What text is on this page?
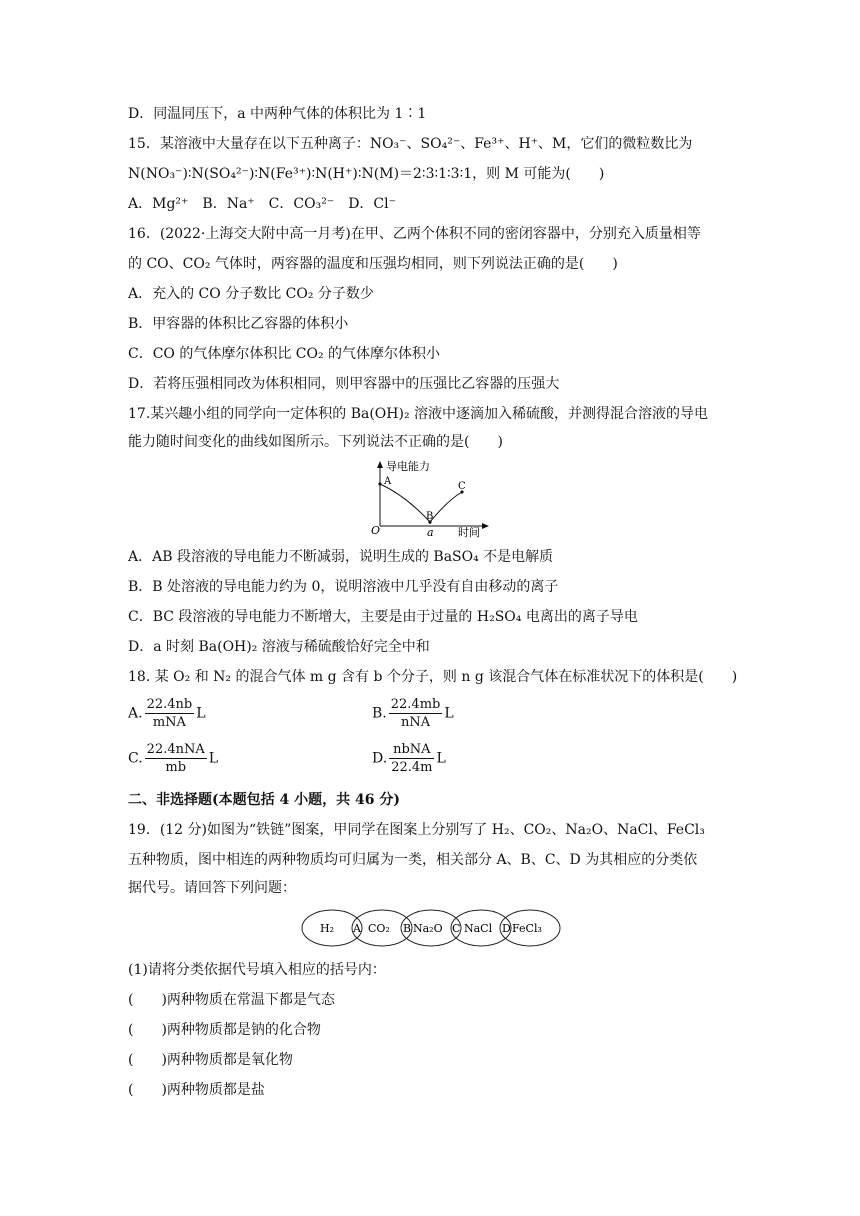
D．同温同压下，a 中两种气体的体积比为 1∶1
15．某溶液中大量存在以下五种离子：NO₃⁻、SO₄²⁻、Fe³⁺、H⁺、M，它们的微粒数比为
N(NO₃⁻)∶N(SO₄²⁻)∶N(Fe³⁺)∶N(H⁺)∶N(M)＝2∶3∶1∶3∶1，则 M 可能为(　　)
A．Mg²⁺　B．Na⁺　C．CO₃²⁻　D．Cl⁻
16．(2022·上海交大附中高一月考)在甲、乙两个体积不同的密闭容器中，分别充入质量相等
的 CO、CO₂ 气体时，两容器的温度和压强均相同，则下列说法正确的是(　　)
A．充入的 CO 分子数比 CO₂ 分子数少
B．甲容器的体积比乙容器的体积小
C．CO 的气体摩尔体积比 CO₂ 的气体摩尔体积小
D．若将压强相同改为体积相同，则甲容器中的压强比乙容器的压强大
17.某兴趣小组的同学向一定体积的 Ba(OH)₂ 溶液中逐滴加入稀硫酸，并测得混合溶液的导电
能力随时间变化的曲线如图所示。下列说法不正确的是(　　)
导电能力
时间
O	a
A
B
C
A．AB 段溶液的导电能力不断减弱，说明生成的 BaSO₄ 不是电解质
B．B 处溶液的导电能力约为 0，说明溶液中几乎没有自由移动的离子
C．BC 段溶液的导电能力不断增大，主要是由于过量的 H₂SO₄ 电离出的离子导电
D．a 时刻 Ba(OH)₂ 溶液与稀硫酸恰好完全中和
18. 某 O₂ 和 N₂ 的混合气体 m g 含有 b 个分子，则 n g 该混合气体在标准状况下的体积是(　　)
A. $\frac{22.4nb}{\text{mNA}}$ L	B. $\frac{22.4mb}{\text{nNA}}$ L
C. $\frac{\text{22.4nNA}}{mb}$ L	D. $\frac{\text{nbNA}}{22.4m}$ L
二、非选择题(本题包括 4 小题，共 46 分)
19．(12 分)如图为“铁链”图案，甲同学在图案上分别写了 H₂、CO₂、Na₂O、NaCl、FeCl₃
五种物质，图中相连的两种物质均可归属为一类，相关部分 A、B、C、D 为其相应的分类依
据代号。请回答下列问题：
H₂	CO₂ Na₂O NaCl FeCl₃
A	B	C	D
(1)请将分类依据代号填入相应的括号内：
(　　)两种物质在常温下都是气态
(　　)两种物质都是钠的化合物
(　　)两种物质都是氧化物
(　　)两种物质都是盐
